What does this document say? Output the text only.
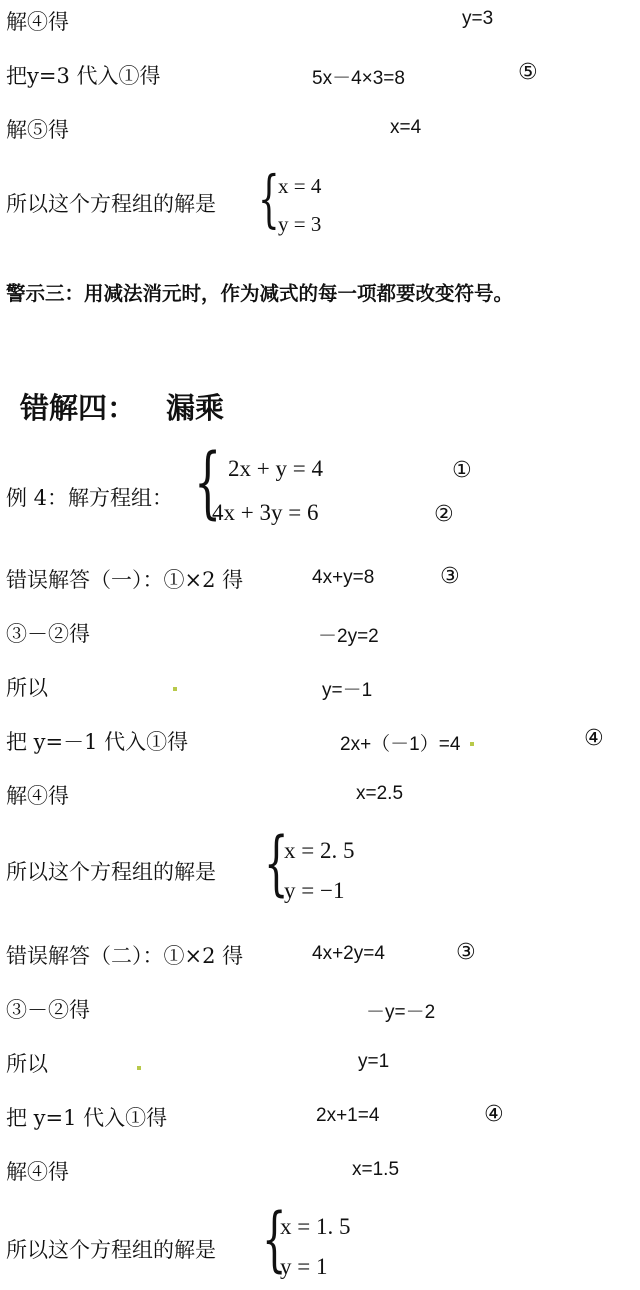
解④得	y=3
把y=3 代入①得	5x－4×3=8	⑤
解⑤得	x=4
所以这个方程组的解是 {
x = 4
y = 3
警示三：用减法消元时，作为减式的每一项都要改变符号。
错解四： 漏乘
例 4：解方程组： { 2x + y = 4
4x + 3y = 6
①
②
错误解答（一）：①×2 得	4x+y=8	③
③－②得	－2y=2
所以	y=－1
把 y=－1 代入①得	2x+（－1）=4	④
解④得	x=2.5
所以这个方程组的解是 {
x = 2. 5
y = −1
错误解答（二）：①×2 得	4x+2y=4	③
③－②得	－y=－2
所以	y=1
把 y=1 代入①得	2x+1=4	④
解④得	x=1.5
所以这个方程组的解是 {
x = 1. 5
y = 1
